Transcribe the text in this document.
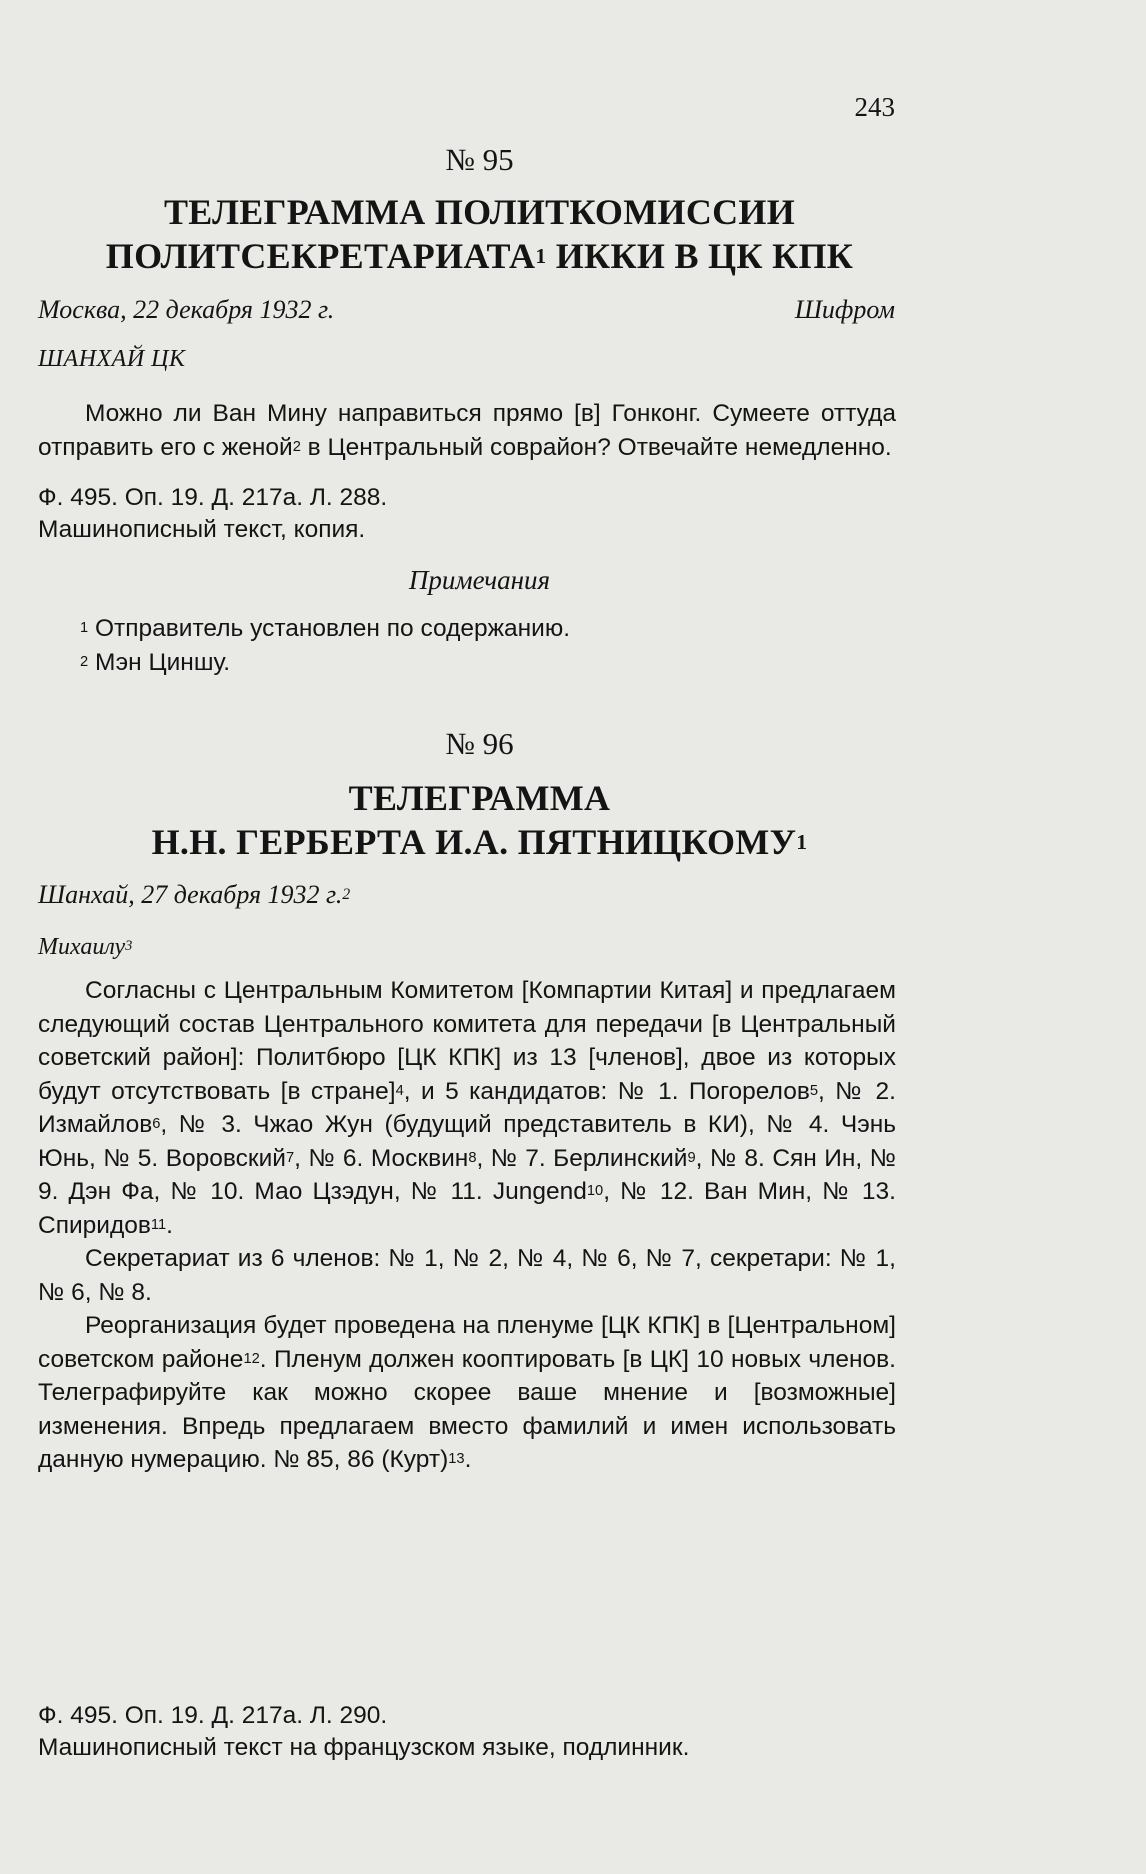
243
№ 95
ТЕЛЕГРАММА ПОЛИТКОМИССИИ
ПОЛИТСЕКРЕТАРИАТА$^1$ ИККИ В ЦК КПК
Москва, 22 декабря 1932 г.	Шифром
ШАНХАЙ ЦК

Можно ли Ван Мину направиться прямо [в] Гонконг. Сумеете оттуда отправить его с женой$^2$ в Центральный соврайон? Отвечайте немедленно.

Ф. 495. Оп. 19. Д. 217а. Л. 288.
Машинописный текст, копия.
Примечания
$^1$ Отправитель установлен по содержанию.
$^2$ Мэн Циншу.
№ 96
ТЕЛЕГРАММА
Н.Н. ГЕРБЕРТА И.А. ПЯТНИЦКОМУ$^1$
Шанхай, 27 декабря 1932 г.$^2$
Михаилу$^3$

Согласны с Центральным Комитетом [Компартии Китая] и предлагаем следующий состав Центрального комитета для передачи [в Центральный советский район]: Политбюро [ЦК КПК] из 13 [членов], двое из которых будут отсутствовать [в стране]$^4$, и 5 кандидатов: № 1. Погорелов$^5$, № 2. Измайлов$^6$, № 3. Чжао Жун (будущий представитель в КИ), № 4. Чэнь Юнь, № 5. Воровский$^7$, № 6. Москвин$^8$, № 7. Берлинский$^9$, № 8. Сян Ин, № 9. Дэн Фа, № 10. Мао Цзэдун, № 11. Jungend$^{10}$, № 12. Ван Мин, № 13. Спиридов$^{11}$.

Секретариат из 6 членов: № 1, № 2, № 4, № 6, № 7, секретари: № 1, № 6, № 8.

Реорганизация будет проведена на пленуме [ЦК КПК] в [Центральном] советском районе$^{12}$. Пленум должен кооптировать [в ЦК] 10 новых членов. Телеграфируйте как можно скорее ваше мнение и [возможные] изменения. Впредь предлагаем вместо фамилий и имен использовать данную нумерацию. № 85, 86 (Курт)$^{13}$.

Ф. 495. Оп. 19. Д. 217а. Л. 290.
Машинописный текст на французском языке, подлинник.
